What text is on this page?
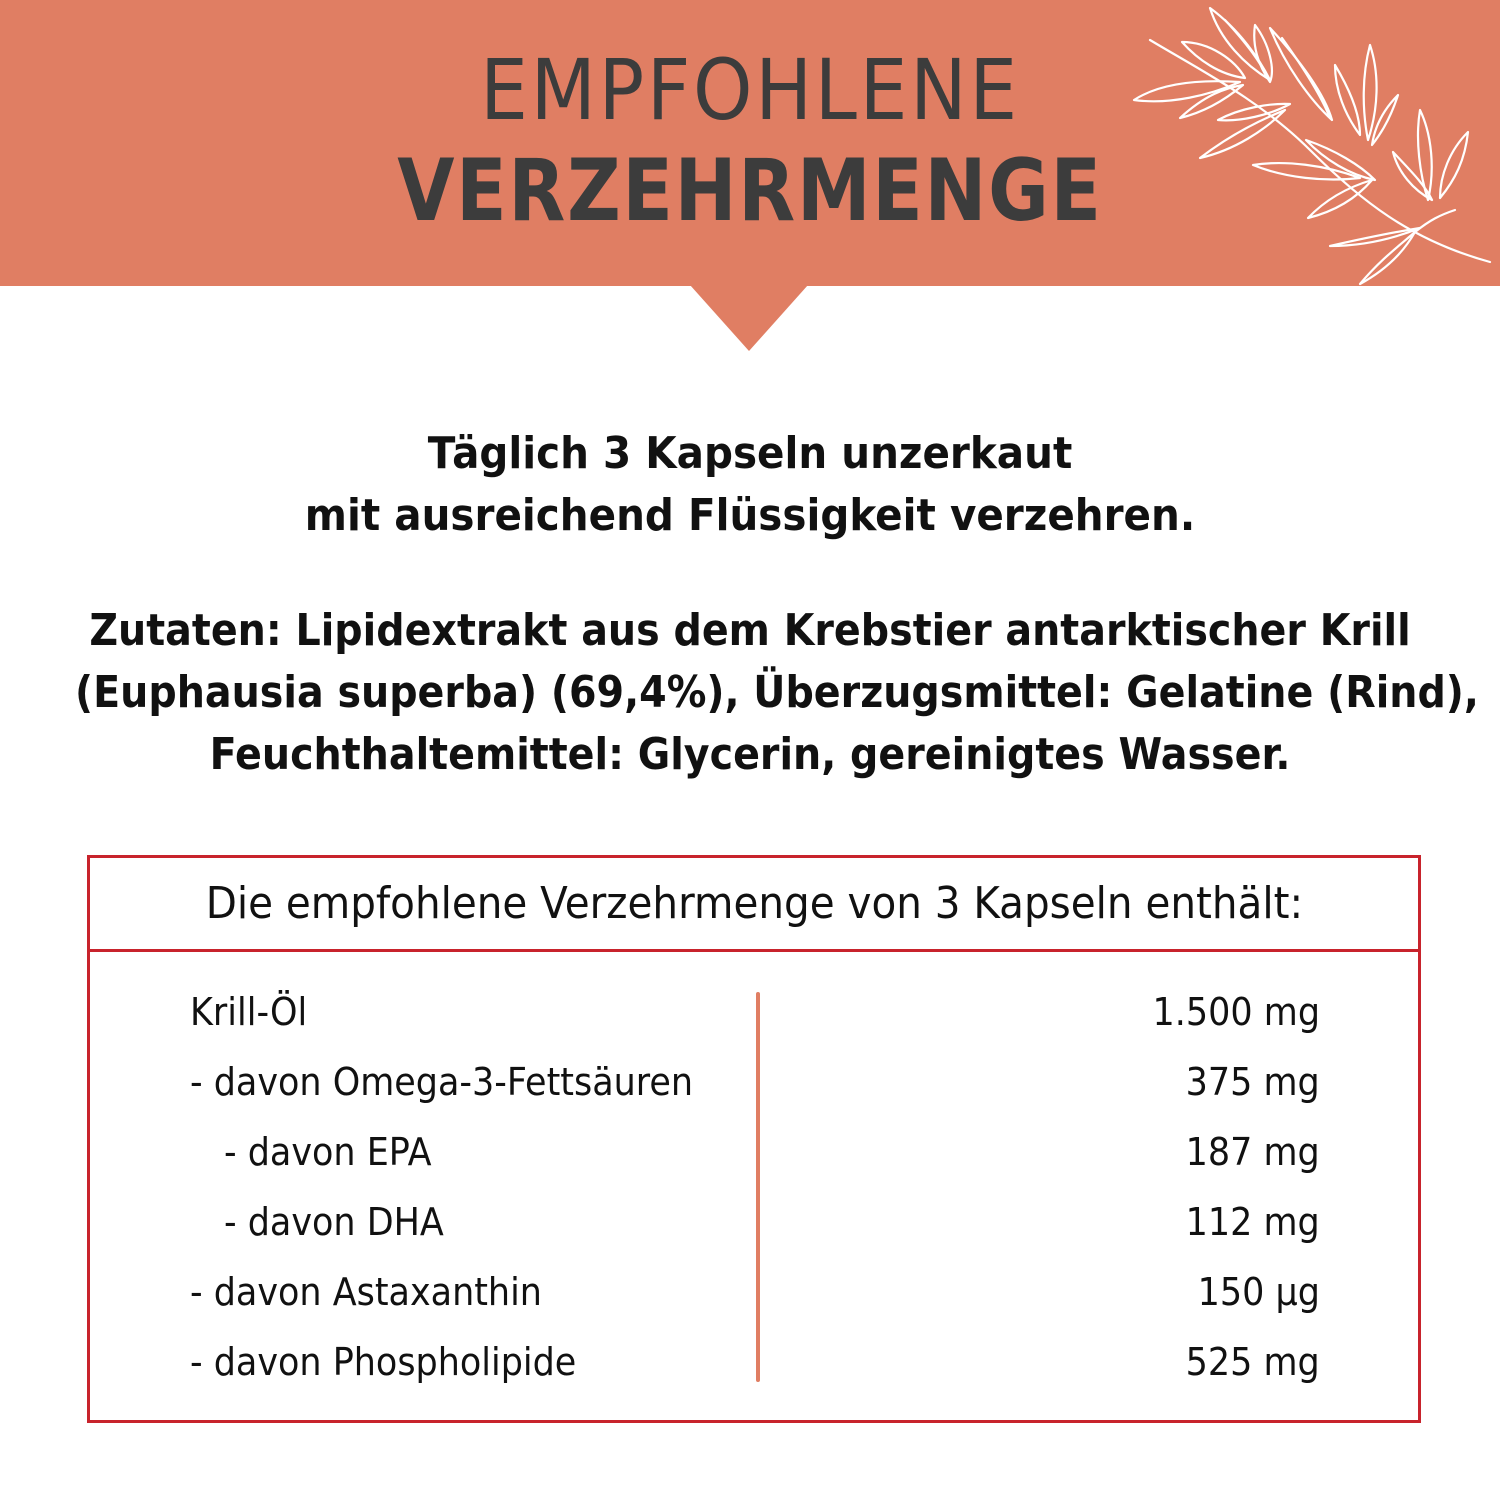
EMPFOHLENE
VERZEHRMENGE
Täglich 3 Kapseln unzerkaut
mit ausreichend Flüssigkeit verzehren.
Zutaten: Lipidextrakt aus dem Krebstier antarktischer Krill
(Euphausia superba) (69,4%), Überzugsmittel: Gelatine (Rind),
Feuchthaltemittel: Glycerin, gereinigtes Wasser.
Die empfohlene Verzehrmenge von 3 Kapseln enthält:
Krill-Öl	1.500 mg
- davon Omega-3-Fettsäuren	375 mg
- davon EPA	187 mg
- davon DHA	112 mg
- davon Astaxanthin	150 µg
- davon Phospholipide	525 mg
